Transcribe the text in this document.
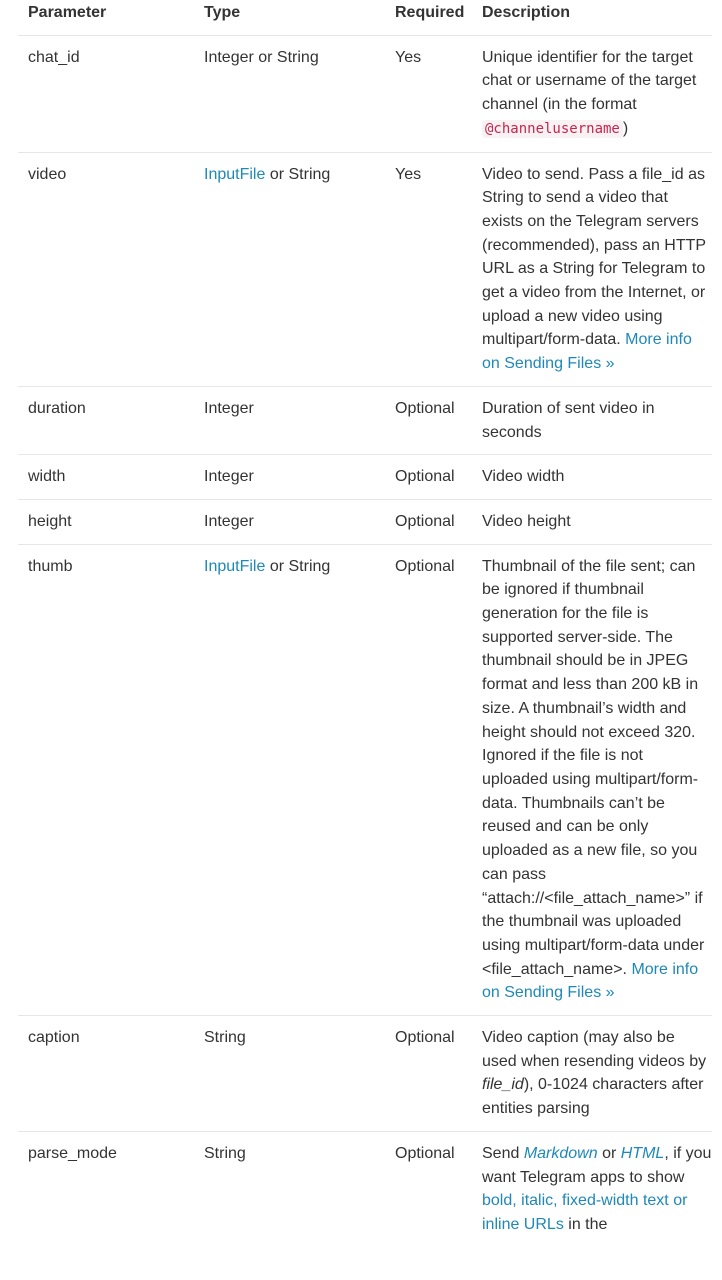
Parameter	Type	Required	Description
chat_id	Integer or String	Yes	Unique identifier for the target chat or username of the target channel (in the format @channelusername )
video	InputFile or String	Yes	Video to send. Pass a file_id as String to send a video that exists on the Telegram servers (recommended), pass an HTTP URL as a String for Telegram to get a video from the Internet, or upload a new video using multipart/form-data. More info on Sending Files »
duration	Integer	Optional	Duration of sent video in seconds
width	Integer	Optional	Video width
height	Integer	Optional	Video height
thumb	InputFile or String	Optional	Thumbnail of the file sent; can be ignored if thumbnail generation for the file is supported server-side. The thumbnail should be in JPEG format and less than 200 kB in size. A thumbnail’s width and height should not exceed 320. Ignored if the file is not uploaded using multipart/form-data. Thumbnails can’t be reused and can be only uploaded as a new file, so you can pass “attach://<file_attach_name>” if the thumbnail was uploaded using multipart/form-data under <file_attach_name>. More info on Sending Files »
caption	String	Optional	Video caption (may also be used when resending videos by file_id), 0-1024 characters after entities parsing
parse_mode	String	Optional	Send Markdown or HTML, if you want Telegram apps to show bold, italic, fixed-width text or inline URLs in the
